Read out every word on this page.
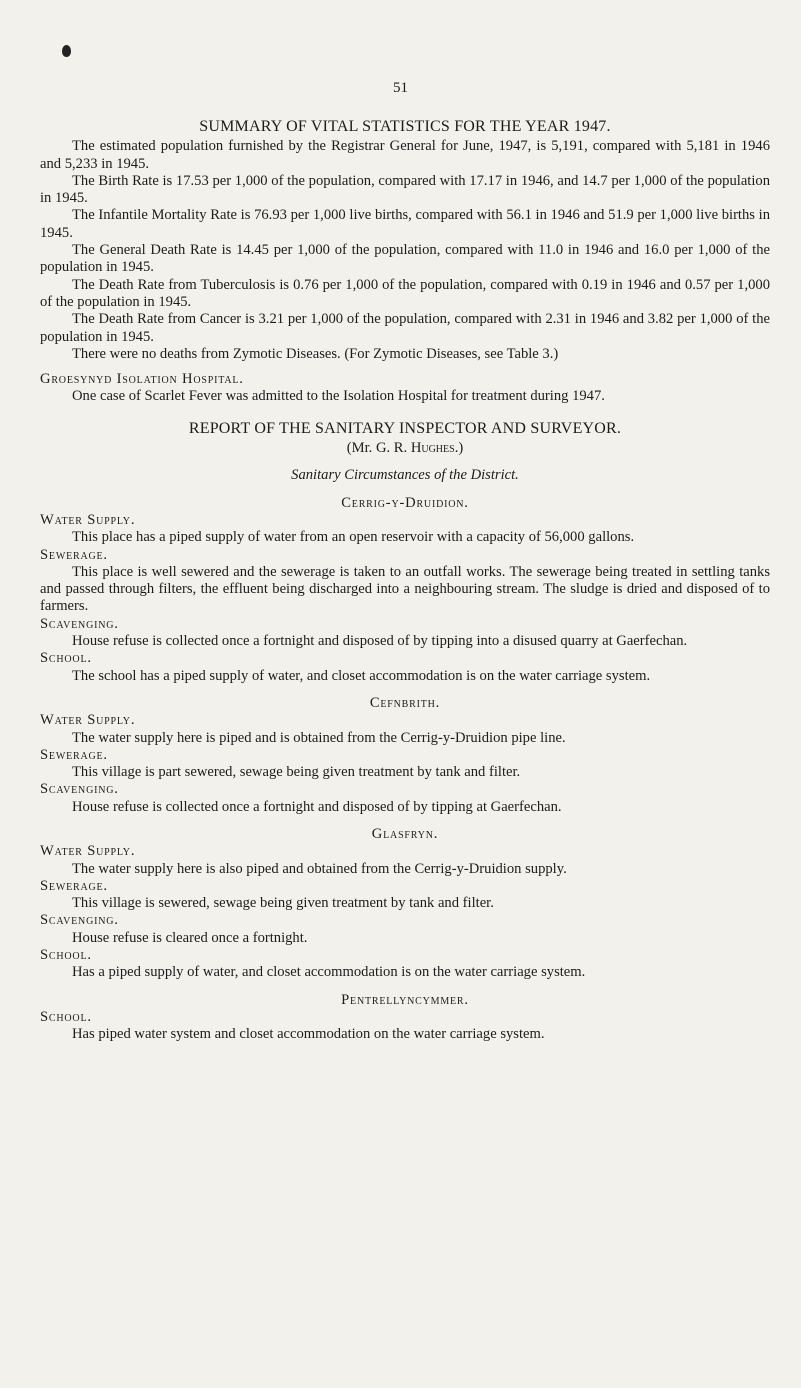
51
SUMMARY OF VITAL STATISTICS FOR THE YEAR 1947.

The estimated population furnished by the Registrar General for June, 1947, is 5,191, compared with 5,181 in 1946 and 5,233 in 1945.

The Birth Rate is 17.53 per 1,000 of the population, compared with 17.17 in 1946, and 14.7 per 1,000 of the population in 1945.

The Infantile Mortality Rate is 76.93 per 1,000 live births, compared with 56.1 in 1946 and 51.9 per 1,000 live births in 1945.

The General Death Rate is 14.45 per 1,000 of the population, compared with 11.0 in 1946 and 16.0 per 1,000 of the population in 1945.

The Death Rate from Tuberculosis is 0.76 per 1,000 of the population, compared with 0.19 in 1946 and 0.57 per 1,000 of the population in 1945.

The Death Rate from Cancer is 3.21 per 1,000 of the population, compared with 2.31 in 1946 and 3.82 per 1,000 of the population in 1945.

There were no deaths from Zymotic Diseases. (For Zymotic Diseases, see Table 3.)

Groesynyd Isolation Hospital.

One case of Scarlet Fever was admitted to the Isolation Hospital for treatment during 1947.

REPORT OF THE SANITARY INSPECTOR AND SURVEYOR.
(Mr. G. R. Hughes.)
Sanitary Circumstances of the District.
Cerrig-y-Druidion.
Water Supply.

This place has a piped supply of water from an open reservoir with a capacity of 56,000 gallons.

Sewerage.

This place is well sewered and the sewerage is taken to an outfall works. The sewerage being treated in settling tanks and passed through filters, the effluent being discharged into a neighbouring stream. The sludge is dried and disposed of to farmers.

Scavenging.

House refuse is collected once a fortnight and disposed of by tipping into a disused quarry at Gaerfechan.

School.

The school has a piped supply of water, and closet accommodation is on the water carriage system.

Cefnbrith.
Water Supply.

The water supply here is piped and is obtained from the Cerrig-y-Druidion pipe line.

Sewerage.

This village is part sewered, sewage being given treatment by tank and filter.

Scavenging.

House refuse is collected once a fortnight and disposed of by tipping at Gaerfechan.

Glasfryn.
Water Supply.

The water supply here is also piped and obtained from the Cerrig-y-Druidion supply.

Sewerage.

This village is sewered, sewage being given treatment by tank and filter.

Scavenging.

House refuse is cleared once a fortnight.

School.

Has a piped supply of water, and closet accommodation is on the water carriage system.

Pentrellyncymmer.
School.

Has piped water system and closet accommodation on the water carriage system.
